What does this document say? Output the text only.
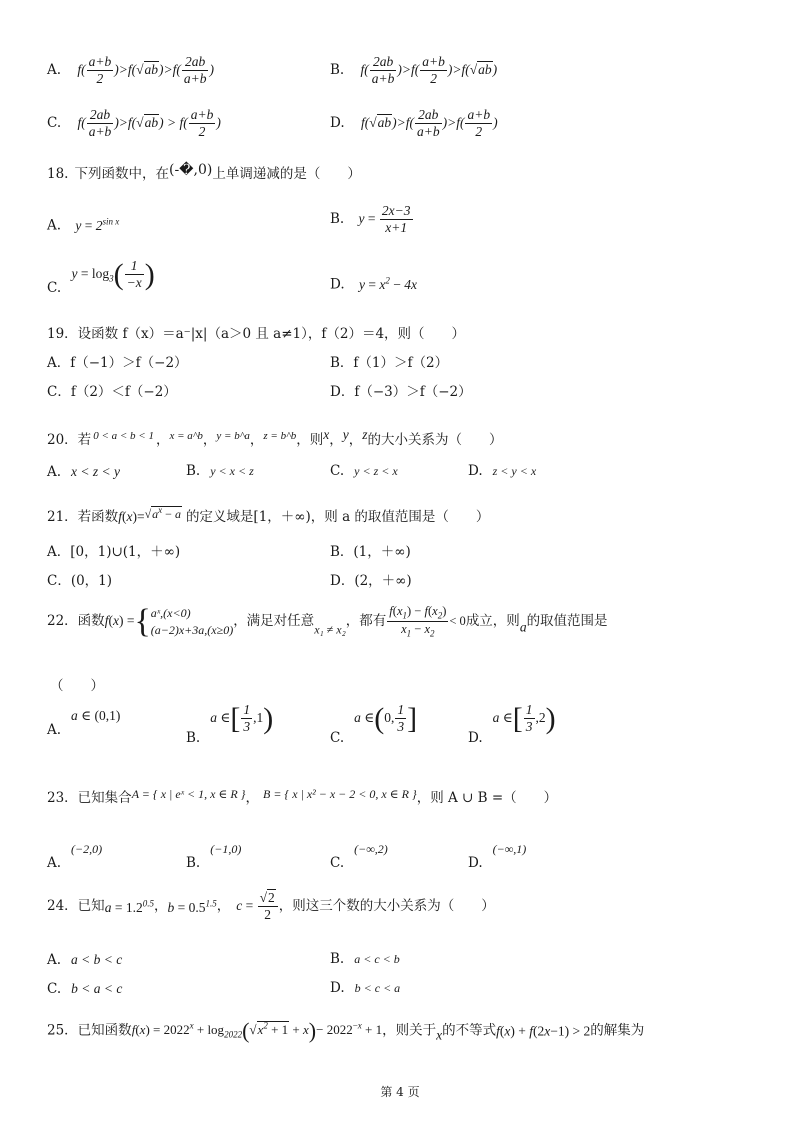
A. $f( \frac{a+b}{2} )>f(√ab)>f( \frac{2ab}{a+b}$ )	B. $f( \frac{2ab}{a+b} )>f( \frac{a+b}{2} )>f(√ab)$
C. $f( \frac{2ab}{a+b} )>f(√ab) > f( \frac{a+b}{2}$ )	D. $f(√ab)>f( \frac{2ab}{a+b} )>f( \frac{a+b}{2}$ )
18. 下列函数中，在(-�,0)上单调递减的是（　　）
A. $y = 2^{sin x}$	B. $y = \frac{2x-3}{x+1}$
C. $y = \log_3( \frac{1}{-x}$ )	D. $y = x^2 - 4x$
19．设函数 f（x）＝a⁻|x|（a＞0 且 a≠1），f（2）＝4，则（　　）
A．f（−1）＞f（−2）	B．f（1）＞f（2）
C．f（2）＜f（−2）	D．f（−3）＞f（−2）
20．若 $^{0 < a < b < 1}$ ，$^{x = a\^{}b}$，$^{y = b\^{}a}$，$^{z = b\^{}b}$，则x，y，z的大小关系为（　　）
A. x < z < y	B. y < x < z	C. y < z < x	D. z < y < x
21．若函数$f(x)=√a^x - a$ 的定义域是[1，＋∞)，则 a 的取值范围是（　　）
A．[0，1)∪(1，＋∞)	B．(1，＋∞)
C．(0，1)	D．(2，＋∞)
22．函数f(x) ={ aˣ,(x<0)
(a−2)x+3a,(x≥0)
，满足对任意x₁ ≠ x₂，都有 $\frac{f(x_1) - f(x_2)}{x_1 - x_2} < 0$成立，则a的取值范围是
（　　）
A.a ∈ (0,1)
B.a ∈[ $\frac{1}{3} ,1$)
C.a ∈(0, $\frac{1}{3}$ ]
D.a ∈[ $\frac{1}{3} ,2$)
23．已知集合A = { x | eˣ < 1, x ∈ R }， B = { x | x² − x − 2 < 0, x ∈ R }，则 A ∪ B =（　　）
A.(−2,0)
B.(−1,0)
C.(−∞,2)
D.(−∞,1)
24．已知$a = 1.2^{0.5}$，$b = 0.5^{1.5}$， $c = \frac{√2}{2}$ ，则这三个数的大小关系为（　　）
A. a < b < c	B. a < c < b
C. b < a < c	D. b < c < a
25．已知函数$f(x) = 2022^x + \log_{2022}(√x^2 + 1 + x)- 2022^{-x} + 1$，则关于x的不等式f(x) + f(2x−1) > 2的解集为
第 4 页
